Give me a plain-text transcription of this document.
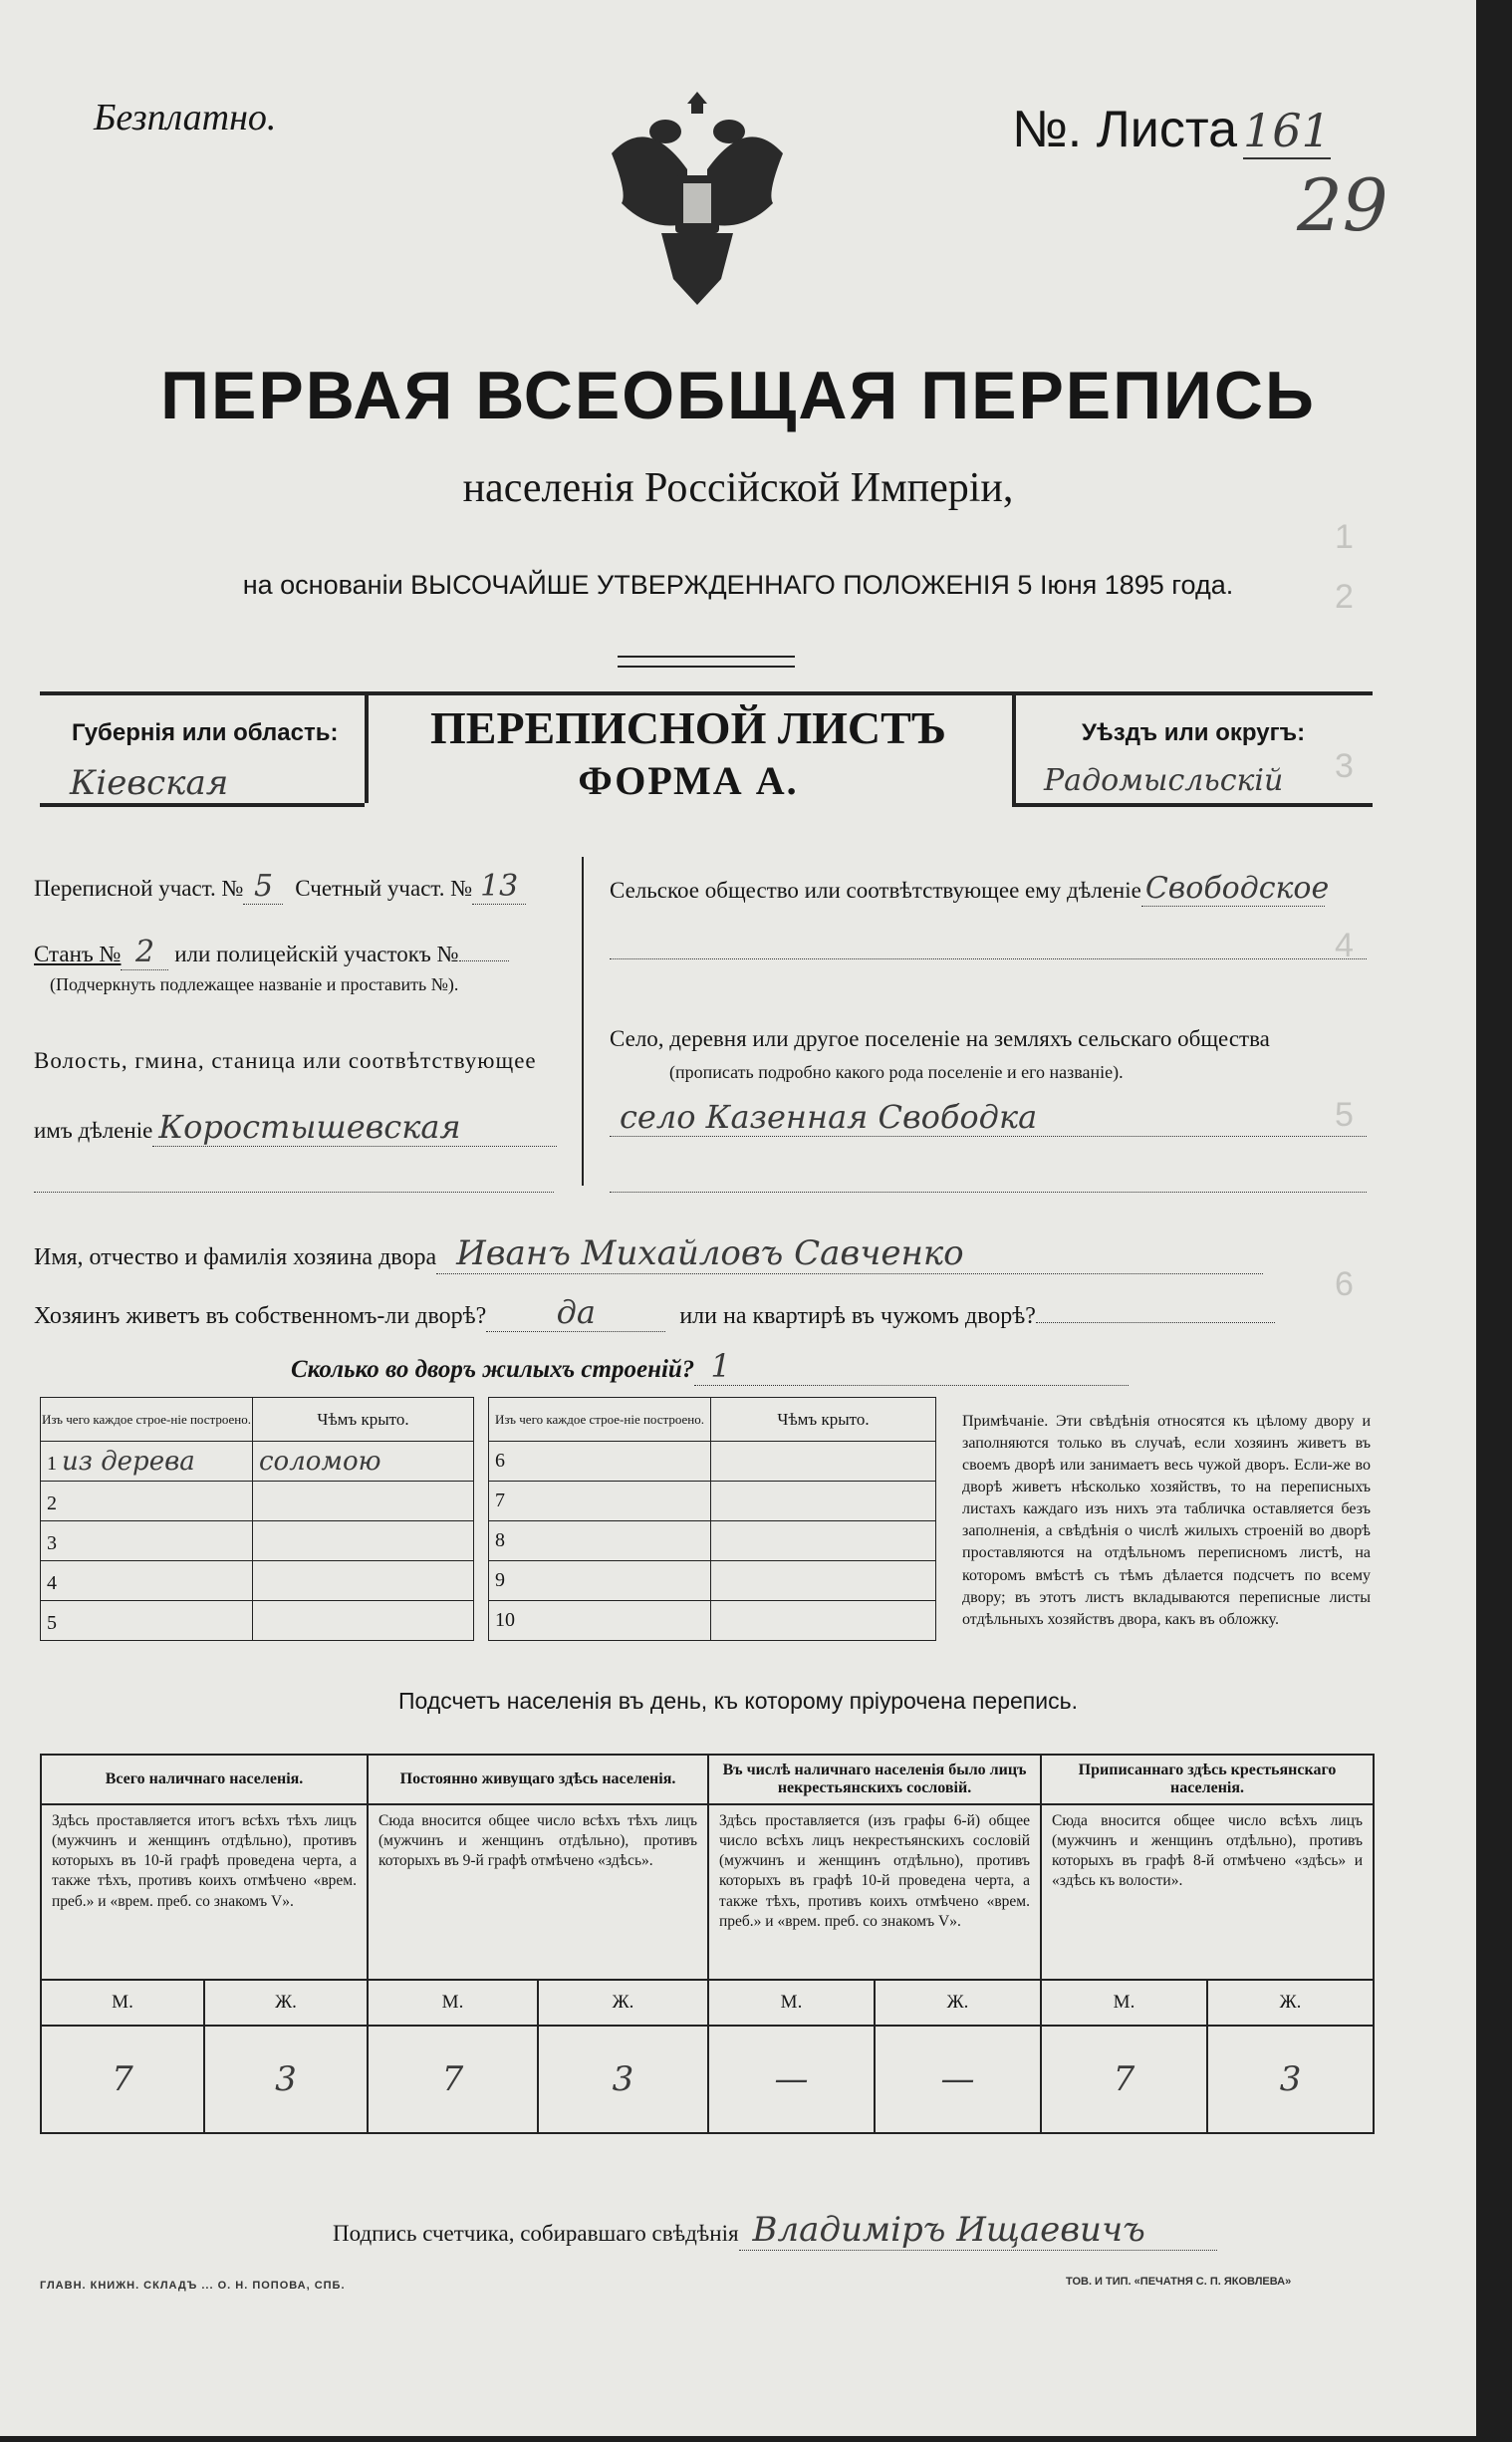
Безплатно.	№. Листа 161
29
ПЕРВАЯ ВСЕОБЩАЯ ПЕРЕПИСЬ
населенія Россійской Имперіи,
на основаніи ВЫСОЧАЙШЕ УТВЕРЖДЕННАГО ПОЛОЖЕНІЯ 5 Іюня 1895 года.
Губернія или область:
Кіевская
ПЕРЕПИСНОЙ ЛИСТЪ
ФОРМА А.
Уѣздъ или округъ:
Радомысльскій
Переписной участ. № 5 Счетный участ. № 13
Станъ № 2 или полицейскій участокъ №
(Подчеркнуть подлежащее названіе и проставить №).
Волость, гмина, станица или соотвѣтствующее
имъ дѣленіе Коростышевская
Сельское общество или соотвѣтствующее ему дѣленіе Свободское
Село, деревня или другое поселеніе на земляхъ сельскаго общества
(прописать подробно какого рода поселеніе и его названіе).
село Казенная Свободка
Имя, отчество и фамилія хозяина двора Иванъ Михайловъ Савченко
Хозяинъ живетъ въ собственномъ-ли дворѣ? да	или на квартирѣ въ чужомъ дворѣ?
Сколько во дворъ жилыхъ строеній? 1
Изъ чего каждое строе-ніе построено.	Чѣмъ крыто.
1 из дерева	соломою
2	
3	
4	
5	
Изъ чего каждое строе-ніе построено.	Чѣмъ крыто.
6	
7	
8	
9	
10	
Примѣчаніе. Эти свѣдѣнія относятся къ цѣлому двору и заполняются только въ случаѣ, если хозяинъ живетъ въ своемъ дворѣ или занимаетъ весь чужой дворъ. Если-же во дворѣ живетъ нѣсколько хозяйствъ, то на переписныхъ листахъ каждаго изъ нихъ эта табличка оставляется безъ заполненія, а свѣдѣнія о числѣ жилыхъ строеній во дворѣ проставляются на отдѣльномъ переписномъ листѣ, на которомъ вмѣстѣ съ тѣмъ дѣлается подсчетъ по всему двору; въ этотъ листъ вкладываются переписные листы отдѣльныхъ хозяйствъ двора, какъ въ обложку.
Подсчетъ населенія въ день, къ которому пріурочена перепись.
Всего наличнаго населенія.		Постоянно живущаго здѣсь населенія.		Въ числѣ наличнаго населенія было лицъ некрестьянскихъ сословій.		Приписаннаго здѣсь крестьянскаго населенія.	
Здѣсь проставляется итогъ всѣхъ тѣхъ лицъ (мужчинъ и женщинъ отдѣльно), противъ которыхъ въ 10-й графѣ проведена черта, а также тѣхъ, противъ коихъ отмѣчено «врем. преб.» и «врем. преб. со знакомъ V».		Сюда вносится общее число всѣхъ тѣхъ лицъ (мужчинъ и женщинъ отдѣльно), противъ которыхъ въ 9-й графѣ отмѣчено «здѣсь».		Здѣсь проставляется (изъ графы 6-й) общее число всѣхъ лицъ некрестьянскихъ сословій (мужчинъ и женщинъ отдѣльно), противъ которыхъ въ графѣ 10-й проведена черта, а также тѣхъ, противъ коихъ отмѣчено «врем. преб.» и «врем. преб. со знакомъ V».		Сюда вносится общее число всѣхъ лицъ (мужчинъ и женщинъ отдѣльно), противъ которыхъ въ графѣ 8-й отмѣчено «здѣсь» и «здѣсь къ волости».	
М.	Ж.	М.	Ж.	М.	Ж.	М.	Ж.
7	3	7	3	—	—	7	3
Подпись счетчика, собиравшаго свѣдѣнія Владиміръ Ищаевичъ
ГЛАВН. КНИЖН. СКЛАДЪ ... О. Н. ПОПОВА, СПБ.	ТОВ. И ТИП. «ПЕЧАТНЯ С. П. ЯКОВЛЕВА»
1
2
3
4
5
6
